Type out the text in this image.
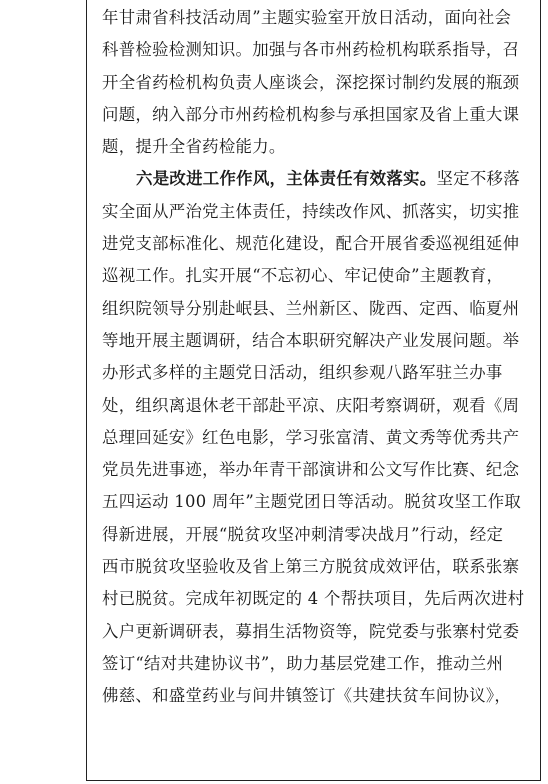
年甘肃省科技活动周”主题实验室开放日活动，面向社会
科普检验检测知识。加强与各市州药检机构联系指导，召
开全省药检机构负责人座谈会，深挖探讨制约发展的瓶颈
问题，纳入部分市州药检机构参与承担国家及省上重大课
题，提升全省药检能力。
六是改进工作作风，主体责任有效落实。坚定不移落
实全面从严治党主体责任，持续改作风、抓落实，切实推
进党支部标准化、规范化建设，配合开展省委巡视组延伸
巡视工作。扎实开展“不忘初心、牢记使命”主题教育，
组织院领导分别赴岷县、兰州新区、陇西、定西、临夏州
等地开展主题调研，结合本职研究解决产业发展问题。举
办形式多样的主题党日活动，组织参观八路军驻兰办事
处，组织离退休老干部赴平凉、庆阳考察调研，观看《周
总理回延安》红色电影，学习张富清、黄文秀等优秀共产
党员先进事迹，举办年青干部演讲和公文写作比赛、纪念
五四运动 100 周年”主题党团日等活动。脱贫攻坚工作取
得新进展，开展“脱贫攻坚冲刺清零决战月”行动，经定
西市脱贫攻坚验收及省上第三方脱贫成效评估，联系张寨
村已脱贫。完成年初既定的 4 个帮扶项目，先后两次进村
入户更新调研表，募捐生活物资等，院党委与张寨村党委
签订“结对共建协议书”，助力基层党建工作，推动兰州
佛慈、和盛堂药业与间井镇签订《共建扶贫车间协议》，
